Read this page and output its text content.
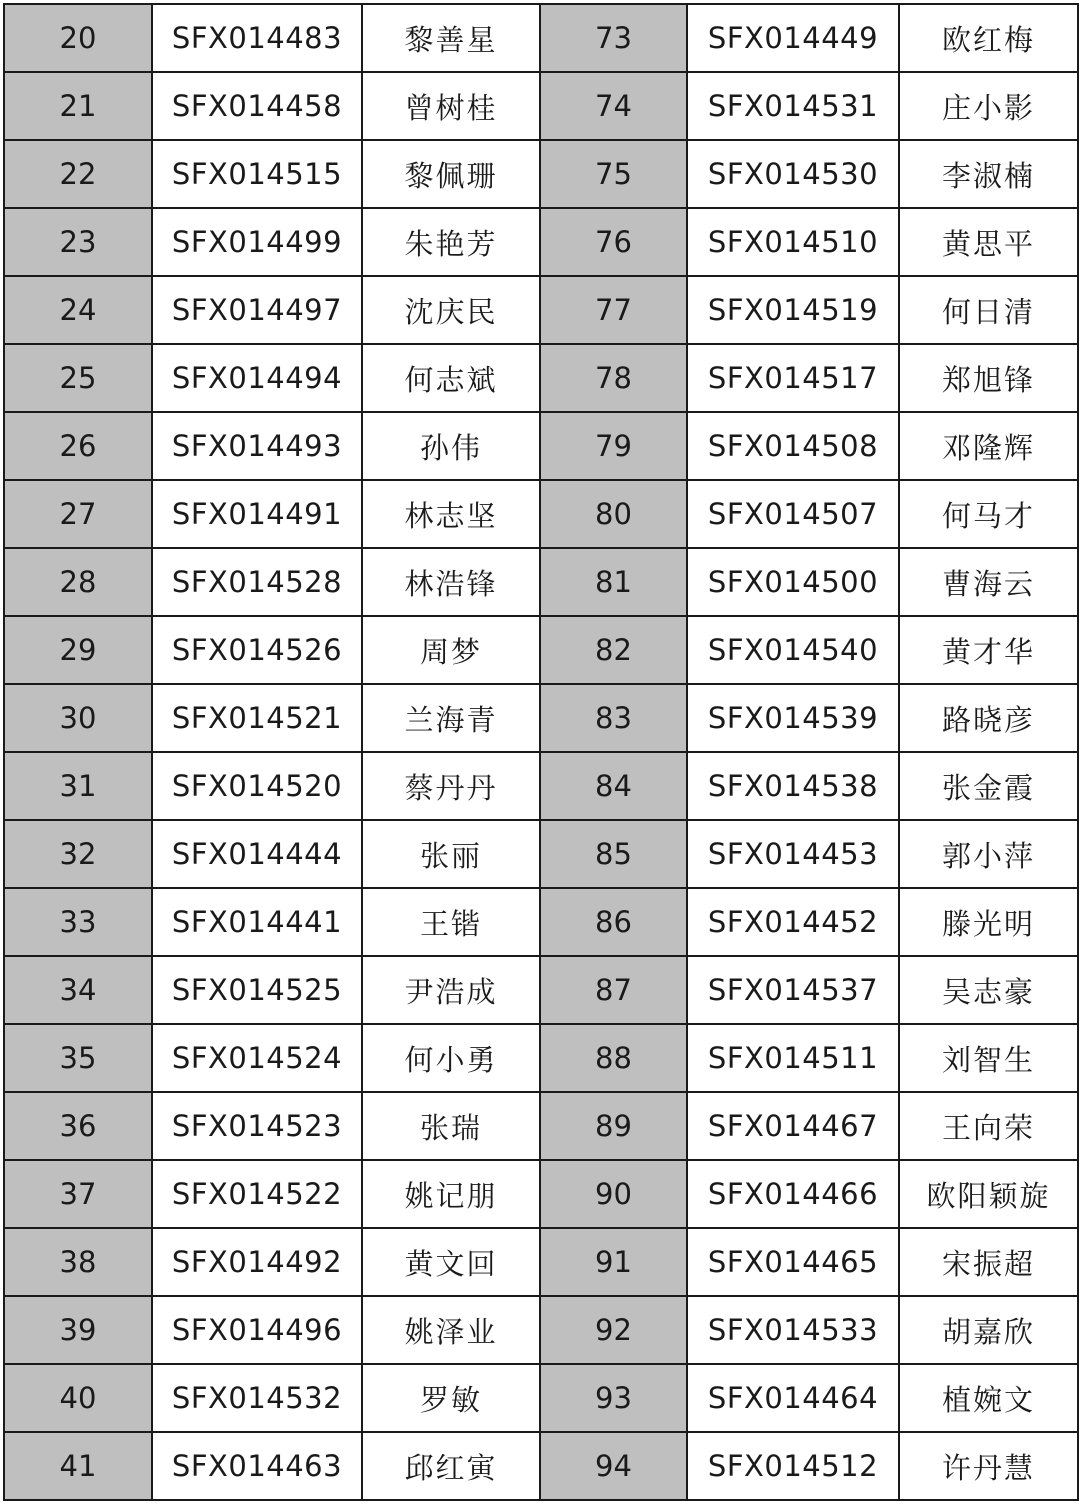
20	SFX014483	黎善星	73	SFX014449	欧红梅
21	SFX014458	曾树桂	74	SFX014531	庄小影
22	SFX014515	黎佩珊	75	SFX014530	李淑楠
23	SFX014499	朱艳芳	76	SFX014510	黄思平
24	SFX014497	沈庆民	77	SFX014519	何日清
25	SFX014494	何志斌	78	SFX014517	郑旭锋
26	SFX014493	孙伟	79	SFX014508	邓隆辉
27	SFX014491	林志坚	80	SFX014507	何马才
28	SFX014528	林浩锋	81	SFX014500	曹海云
29	SFX014526	周梦	82	SFX014540	黄才华
30	SFX014521	兰海青	83	SFX014539	路晓彦
31	SFX014520	蔡丹丹	84	SFX014538	张金霞
32	SFX014444	张丽	85	SFX014453	郭小萍
33	SFX014441	王锴	86	SFX014452	滕光明
34	SFX014525	尹浩成	87	SFX014537	吴志豪
35	SFX014524	何小勇	88	SFX014511	刘智生
36	SFX014523	张瑞	89	SFX014467	王向荣
37	SFX014522	姚记朋	90	SFX014466	欧阳颖旋
38	SFX014492	黄文回	91	SFX014465	宋振超
39	SFX014496	姚泽业	92	SFX014533	胡嘉欣
40	SFX014532	罗敏	93	SFX014464	植婉文
41	SFX014463	邱红寅	94	SFX014512	许丹慧
